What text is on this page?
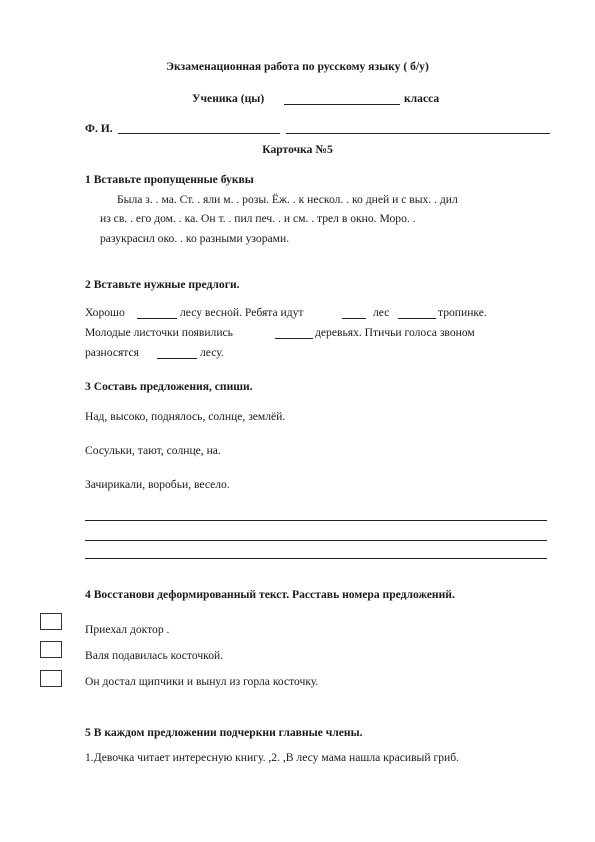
Экзаменационная работа по русскому языку ( б/у)
Ученика (цы)	класса
Ф. И.
Карточка №5
1 Вставьте пропущенные буквы
Была з. . ма. Ст. . яли м. . розы. Ёж. . к нескол. . ко дней и с вых. . дил
из св. . его дом. . ка. Он т. . пил печ. . и см. . трел в окно. Моро. .
разукрасил око. . ко разными узорами.
2 Вставьте нужные предлоги.
Хорошо	лесу весной. Ребята идут	лес	тропинке.
Молодые листочки появились	деревьях. Птичьи голоса звоном
разносятся	лесу.
3 Составь предложения, спиши.
Над, высоко, поднялось, солнце, землёй.
Сосульки, тают, солнце, на.
Зачирикали, воробьи, весело.
4 Восстанови деформированный текст. Расставь номера предложений.
Приехал доктор .
Валя подавилась косточкой.
Он достал щипчики и вынул из горла косточку.
5 В каждом предложении подчеркни главные члены.
1.Девочка читает интересную книгу. ,2. ,В лесу мама нашла красивый гриб.
